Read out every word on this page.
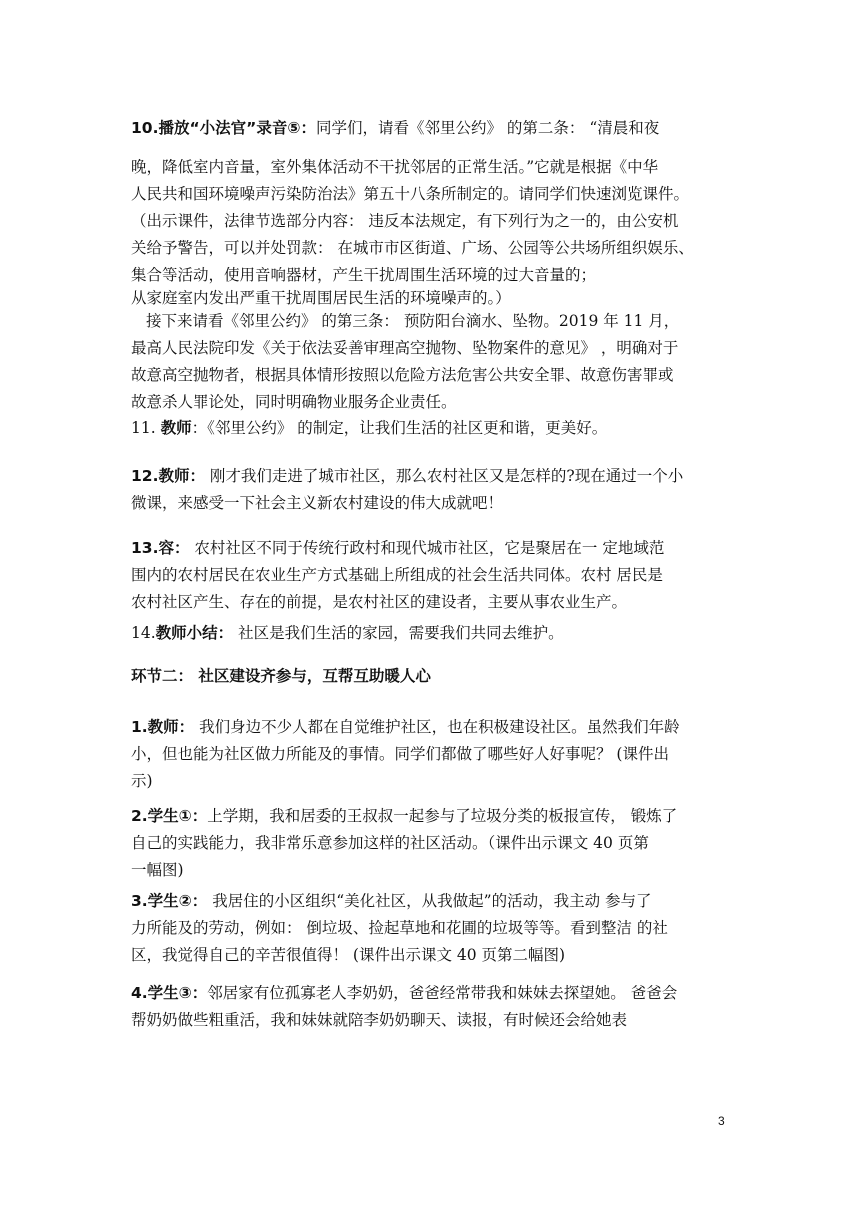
10.播放“小法官”录音⑤：同学们，请看《邻里公约》 的第二条： “清晨和夜
晚，降低室内音量，室外集体活动不干扰邻居的正常生活。”它就是根据《中华
人民共和国环境噪声污染防治法》第五十八条所制定的。请同学们快速浏览课件。
（出示课件，法律节选部分内容： 违反本法规定，有下列行为之一的，由公安机
关给予警告，可以并处罚款： 在城市市区街道、广场、公园等公共场所组织娱乐、
集合等活动，使用音响器材，产生干扰周围生活环境的过大音量的；
从家庭室内发出严重干扰周围居民生活的环境噪声的。）
接下来请看《邻里公约》 的第三条： 预防阳台滴水、坠物。2019 年 11 月，
最高人民法院印发《关于依法妥善审理高空抛物、坠物案件的意见》 ，明确对于
故意高空抛物者，根据具体情形按照以危险方法危害公共安全罪、故意伤害罪或
故意杀人罪论处，同时明确物业服务企业责任。
11. 教师：《邻里公约》 的制定，让我们生活的社区更和谐，更美好。
12.教师： 刚才我们走进了城市社区，那么农村社区又是怎样的?现在通过一个小
微课，来感受一下社会主义新农村建设的伟大成就吧！
13.容： 农村社区不同于传统行政村和现代城市社区，它是聚居在一 定地域范
围内的农村居民在农业生产方式基础上所组成的社会生活共同体。农村 居民是
农村社区产生、存在的前提，是农村社区的建设者，主要从事农业生产。
14.教师小结： 社区是我们生活的家园，需要我们共同去维护。
环节二： 社区建设齐参与，互帮互助暖人心
1.教师： 我们身边不少人都在自觉维护社区，也在积极建设社区。虽然我们年龄
小，但也能为社区做力所能及的事情。同学们都做了哪些好人好事呢？ (课件出
示)
2.学生①：上学期，我和居委的王叔叔一起参与了垃圾分类的板报宣传， 锻炼了
自己的实践能力，我非常乐意参加这样的社区活动。（课件出示课文 40 页第
一幅图)
3.学生②： 我居住的小区组织“美化社区，从我做起”的活动，我主动 参与了
力所能及的劳动，例如： 倒垃圾、捡起草地和花圃的垃圾等等。看到整洁 的社
区，我觉得自己的辛苦很值得！ (课件出示课文 40 页第二幅图)
4.学生③：邻居家有位孤寡老人李奶奶，爸爸经常带我和妹妹去探望她。 爸爸会
帮奶奶做些粗重活，我和妹妹就陪李奶奶聊天、读报，有时候还会给她表
3
